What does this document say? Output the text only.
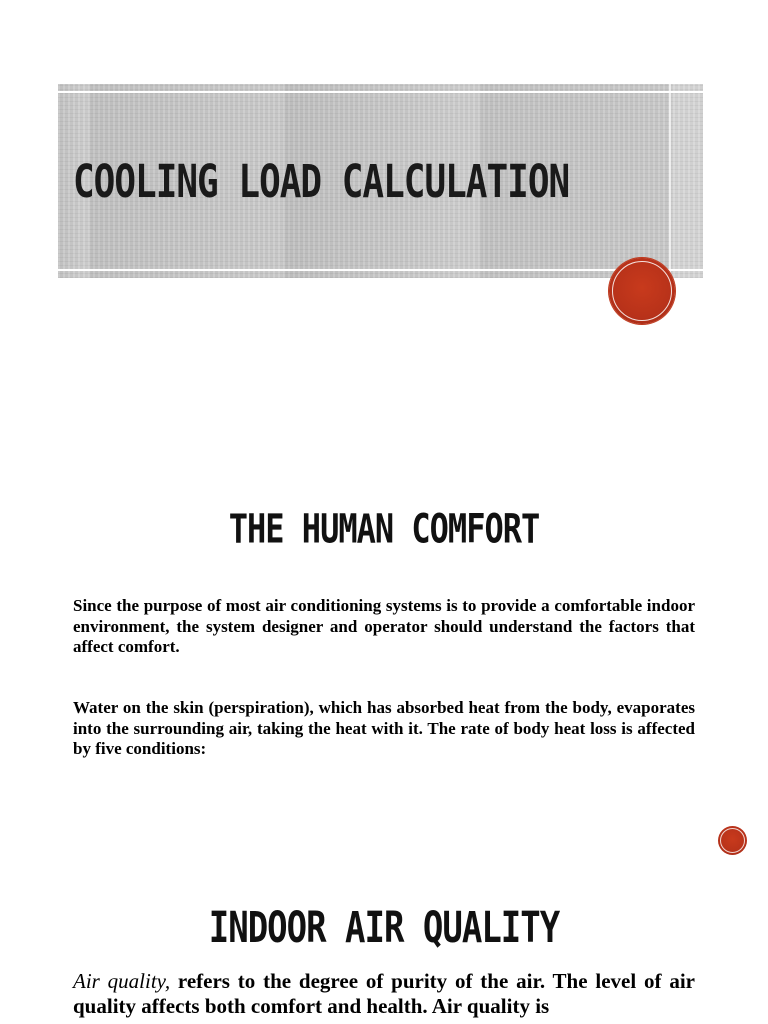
COOLING LOAD CALCULATION
THE HUMAN COMFORT

Since the purpose of most air conditioning systems is to provide a comfortable indoor environment, the system designer and operator should understand the factors that affect comfort.

Water on the skin (perspiration), which has absorbed heat from the body, evaporates into the surrounding air, taking the heat with it. The rate of body heat loss is affected by five conditions:

INDOOR AIR QUALITY

Air quality, refers to the degree of purity of the air. The level of air quality affects both comfort and health. Air quality is
